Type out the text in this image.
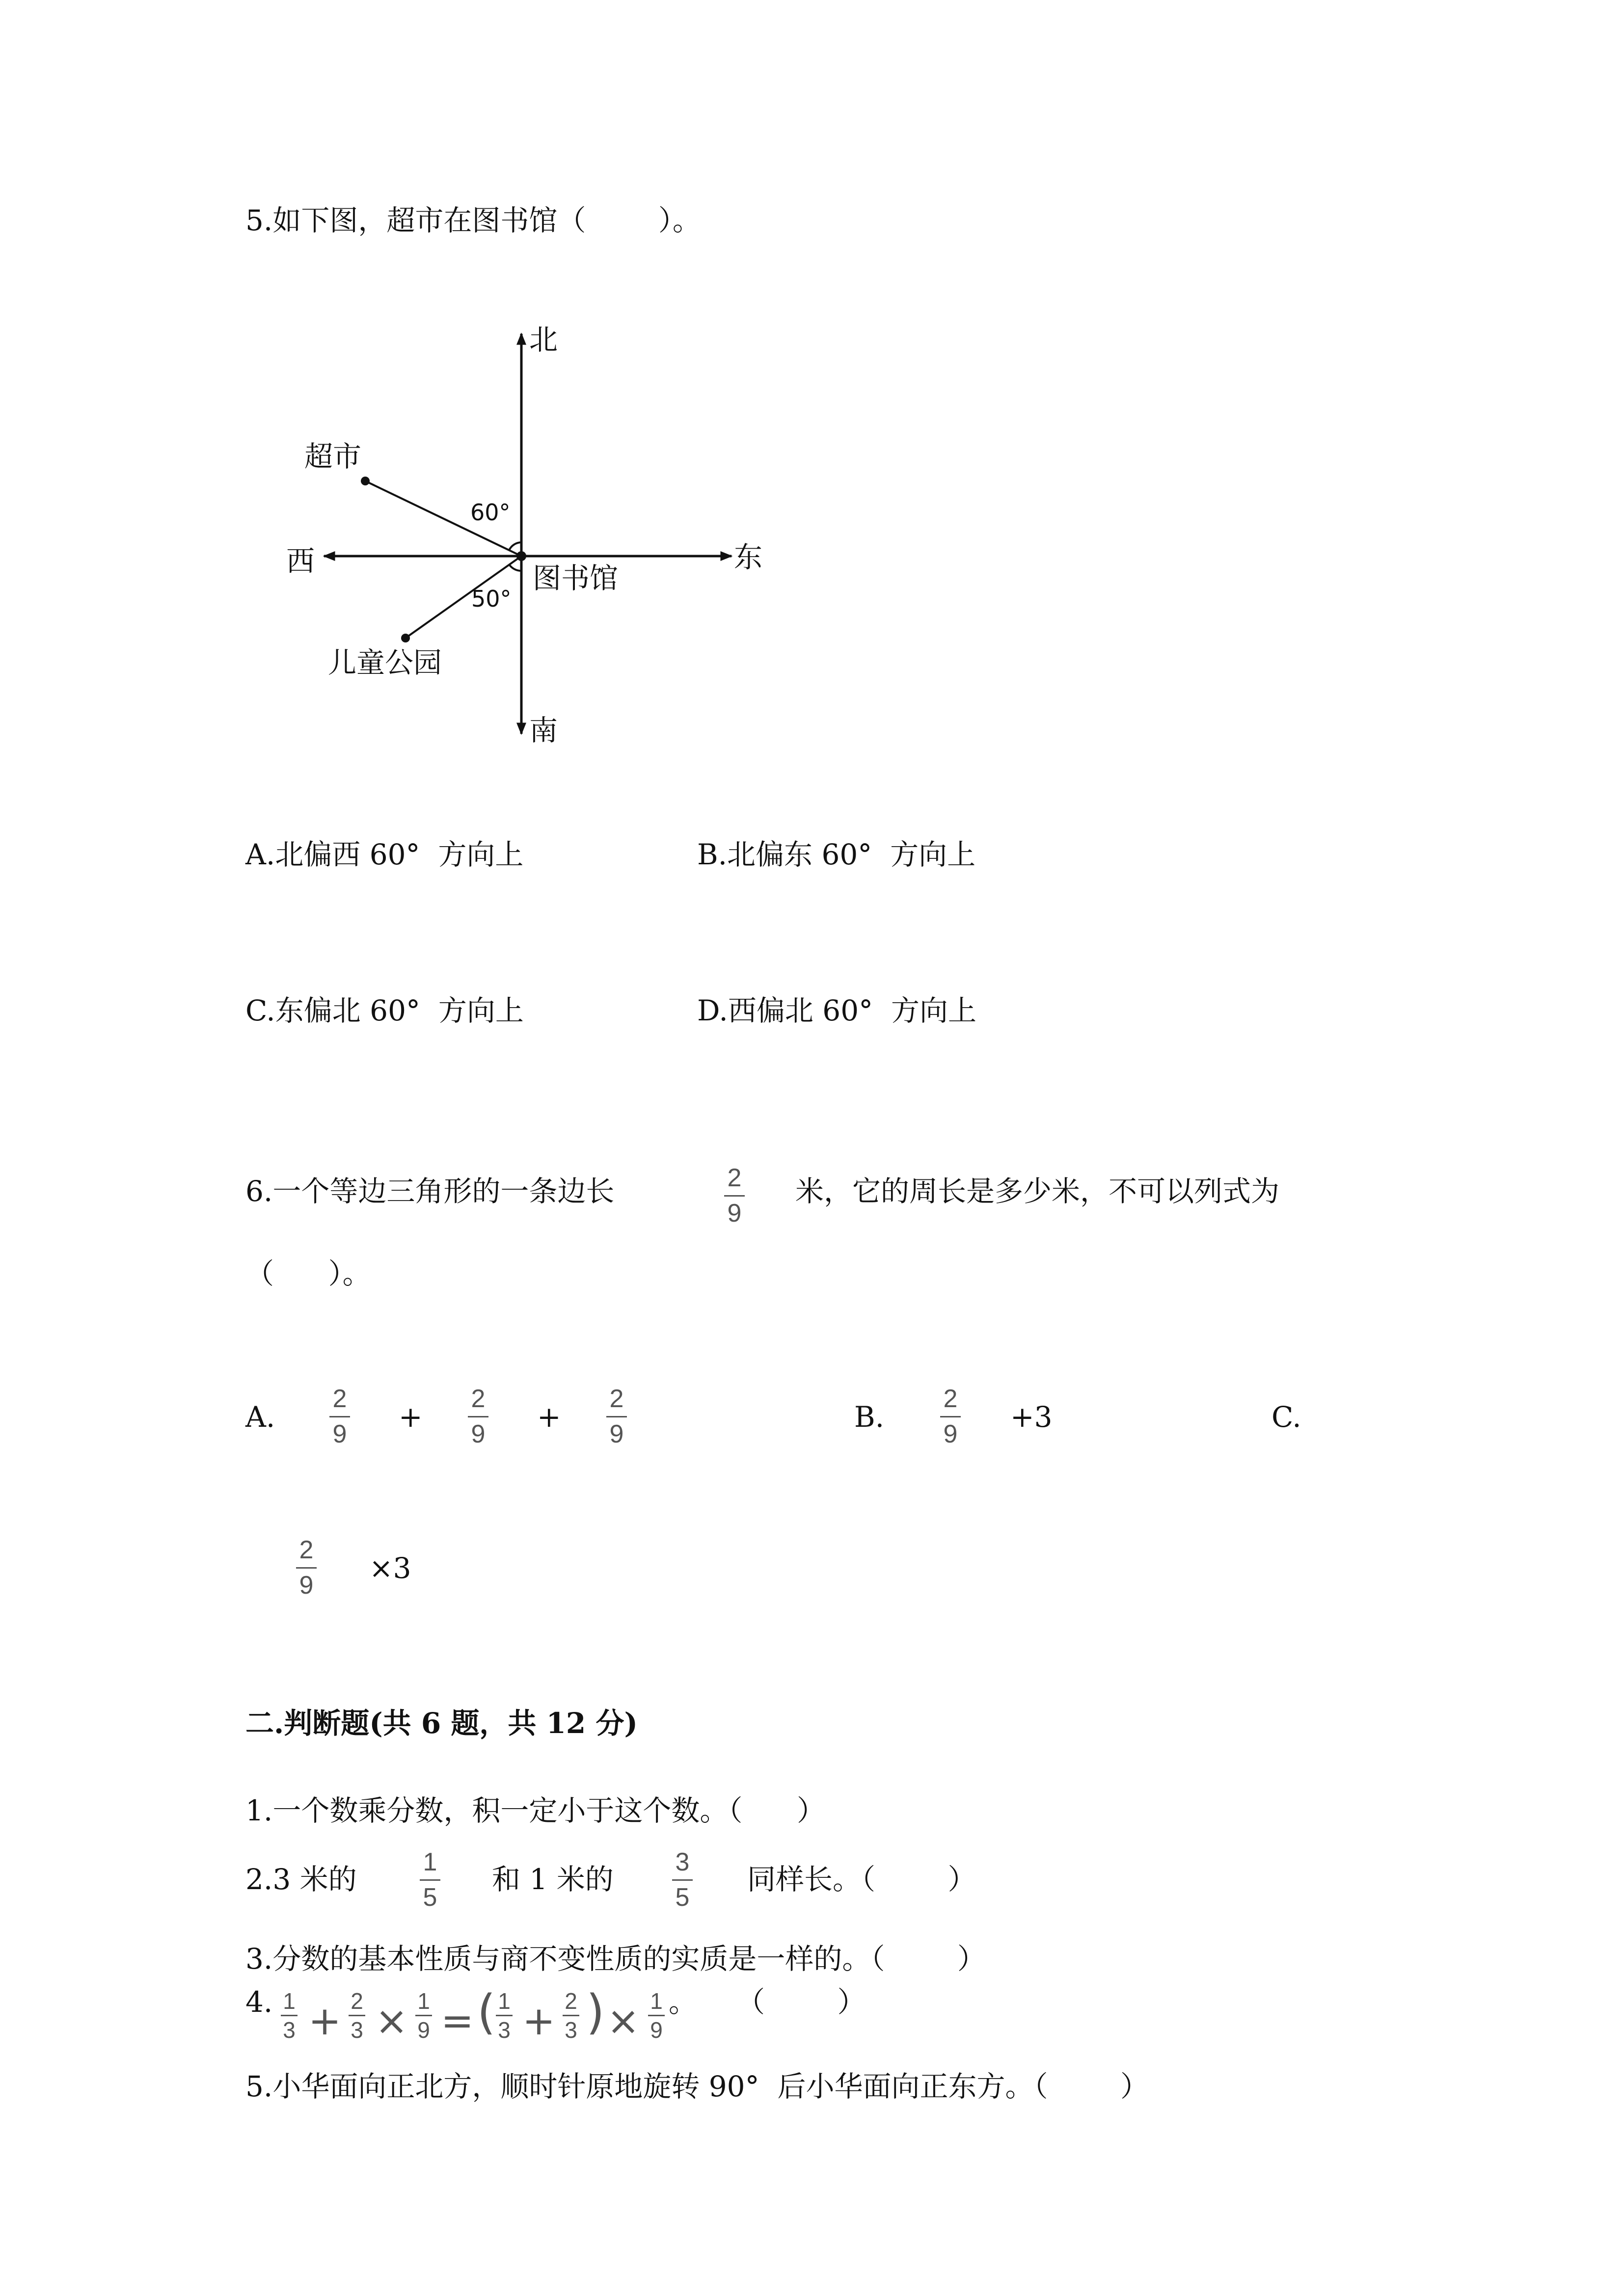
5.如下图，超市在图书馆（        ）。
北
南
东
西
图书馆
超市
儿童公园
60°
50°
A.北偏西 60°  方向上	B.北偏东 60°  方向上
C.东偏北 60°  方向上	D.西偏北 60°  方向上
6.一个等边三角形的一条边长	2
9
米，它的周长是多少米，不可以列式为
（      ）。
A.
2
9
+
2
9
+
2
9
B.
2
9
+3	C.
2
9
×3
二.判断题(共 6 题，共 12 分)
1.一个数乘分数，积一定小于这个数。（      ）
2.3 米的
1
5
和 1 米的
3
5
同样长。（        ）
3.分数的基本性质与商不变性质的实质是一样的。（        ）
4. 1
3 + 2
3 × 1
9 = ( 1
3 + 2
3 ) × 1
9
。 （        ）
5.小华面向正北方，顺时针原地旋转 90°  后小华面向正东方。（        ）
